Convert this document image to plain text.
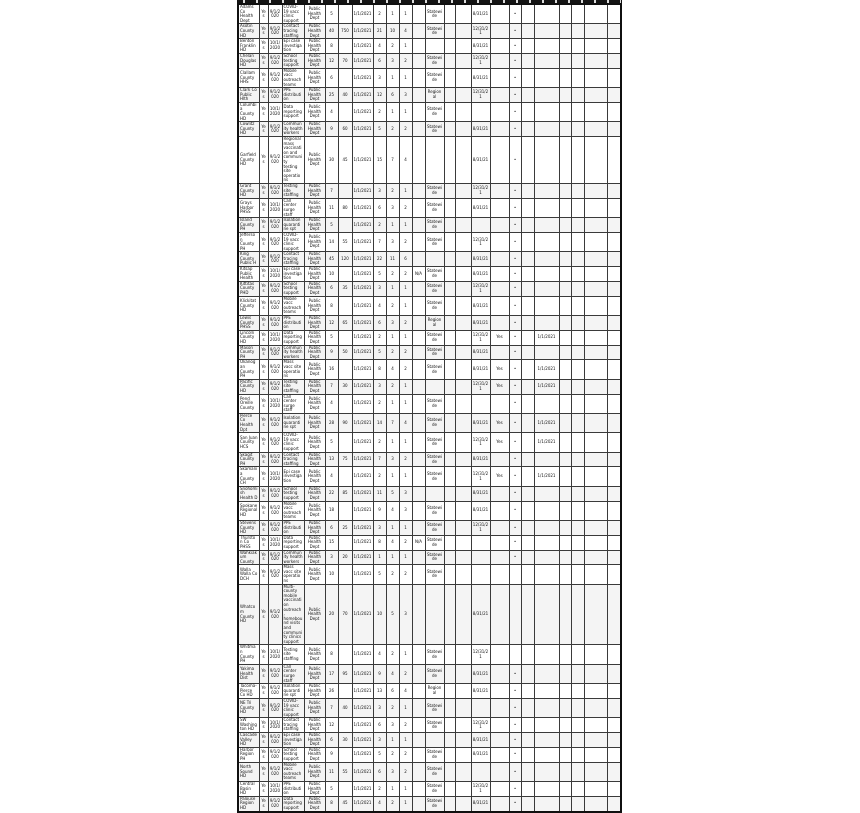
Adams Co Health Dept	Yes	9/1/2020	COVID-19 vacc clinic support	Public Health Dept	5		1/1/2021	2	1	1		Statewide			8/31/21		•						
Asotin County HD	Yes	9/1/2020	Contact tracing staffing	Public Health Dept	40	750	1/1/2021	21	10	4		Statewide			12/31/21		•						
Benton Franklin HD	Yes	10/1/2020	Epi case investigation	Public Health Dept	8		1/1/2021	4	2	1					8/31/21		•						
Chelan Douglas HD	Yes	9/1/2020	School testing support	Public Health Dept	12	70	1/1/2021	6	3	2		Statewide			12/31/21		•						
Clallam County HHS	Yes	9/1/2020	Mobile vacc outreach teams	Public Health Dept	6		1/1/2021	3	1	1		Statewide			8/31/21		•						
Clark Co Public Hlth	Yes	9/1/2020	PPE distribution	Public Health Dept	25	40	1/1/2021	12	6	3		Regional			12/31/21		•						
Columbia County HD	Yes	10/1/2020	Data reporting support	Public Health Dept	4		1/1/2021	2	1	1		Statewide					•						
Cowlitz County HD	Yes	9/1/2020	Community health workers	Public Health Dept	9	60	1/1/2021	5	2	2		Statewide			8/31/21		•						
Garfield County HD	Yes	9/1/2020	Regional mass vaccination and community testing site operations	Public Health Dept	30	45	1/1/2021	15	7	4					8/31/21		•						
Grant County HD	Yes	9/1/2020	Testing site staffing	Public Health Dept	7		1/1/2021	3	2	1		Statewide			12/31/21		•						
Grays Harbor PHSS	Yes	10/1/2020	Call center surge staff	Public Health Dept	11	80	1/1/2021	6	3	2		Statewide			8/31/21		•						
Island County PH	Yes	9/1/2020	Isolation quarantine spt	Public Health Dept	5		1/1/2021	2	1	1		Statewide					•						
Jefferson County PH	Yes	9/1/2020	COVID-19 vacc clinic support	Public Health Dept	14	55	1/1/2021	7	3	2		Statewide			12/31/21		•						
King County Public H	Yes	9/1/2020	Contact tracing staffing	Public Health Dept	45	120	1/1/2021	22	11	6					8/31/21		•						
Kitsap Public Health	Yes	10/1/2020	Epi case investigation	Public Health Dept	10		1/1/2021	5	2	2	N/A	Statewide			8/31/21		•						
Kittitas County PHD	Yes	9/1/2020	School testing support	Public Health Dept	6	35	1/1/2021	3	1	1		Statewide			12/31/21		•						
Klickitat County HD	Yes	9/1/2020	Mobile vacc outreach teams	Public Health Dept	8		1/1/2021	4	2	1		Statewide			8/31/21		•						
Lewis County PHSS	Yes	9/1/2020	PPE distribution	Public Health Dept	12	65	1/1/2021	6	3	2		Regional			8/31/21		•						
Lincoln County HD	Yes	10/1/2020	Data reporting support	Public Health Dept	5		1/1/2021	2	1	1		Statewide			12/31/21	Yes	•		1/1/2021				
Mason County PH	Yes	9/1/2020	Community health workers	Public Health Dept	9	50	1/1/2021	5	2	2		Statewide			8/31/21		•						
Okanogan County PH	Yes	9/1/2020	Mass vacc site operations	Public Health Dept	16		1/1/2021	8	4	2		Statewide			8/31/21	Yes	•		1/1/2021				
Pacific County HD	Yes	9/1/2020	Testing site staffing	Public Health Dept	7	30	1/1/2021	3	2	1					12/31/21	Yes	•		1/1/2021				
Pend Oreille County	Yes	10/1/2020	Call center surge staff	Public Health Dept	4		1/1/2021	2	1	1		Statewide					•						
Pierce Co Health Dpt	Yes	9/1/2020	Isolation quarantine spt	Public Health Dept	28	90	1/1/2021	14	7	4		Statewide			8/31/21	Yes	•		1/1/2021				
San Juan County HCS	Yes	9/1/2020	COVID-19 vacc clinic support	Public Health Dept	5		1/1/2021	2	1	1		Statewide			12/31/21	Yes	•		1/1/2021				
Skagit County PH	Yes	9/1/2020	Contact tracing staffing	Public Health Dept	13	75	1/1/2021	7	3	2		Statewide			8/31/21		•						
Skamania County CH	Yes	10/1/2020	Epi case investigation	Public Health Dept	4		1/1/2021	2	1	1		Statewide			12/31/21	Yes	•		1/1/2021				
Snohomish Health D	Yes	9/1/2020	School testing support	Public Health Dept	22	85	1/1/2021	11	5	3					8/31/21		•						
Spokane Regional HD	Yes	9/1/2020	Mobile vacc outreach teams	Public Health Dept	18		1/1/2021	9	4	3		Statewide			8/31/21		•						
Stevens County HD	Yes	9/1/2020	PPE distribution	Public Health Dept	6	25	1/1/2021	3	1	1		Statewide			12/31/21		•						
Thurston Co PHSS	Yes	10/1/2020	Data reporting support	Public Health Dept	15		1/1/2021	8	4	2	N/A	Statewide					•						
Wahkiakum County	Yes	9/1/2020	Community health workers	Public Health Dept	3	20	1/1/2021	1	1	1		Statewide					•						
Walla Walla Co DCH	Yes	9/1/2020	Mass vacc site operations	Public Health Dept	10		1/1/2021	5	2	2		Statewide											
Whatcom County HD	Yes	9/1/2020	Multi-county mobile vaccination outreach, homebound visits and community clinics support	Public Health Dept	20	70	1/1/2021	10	5	3					8/31/21								
Whitman County PH	Yes	10/1/2020	Testing site staffing	Public Health Dept	8		1/1/2021	4	2	1		Statewide			12/31/21								
Yakima Health Dist	Yes	9/1/2020	Call center surge staff	Public Health Dept	17	95	1/1/2021	9	4	2		Statewide			8/31/21		•						
Tacoma-Pierce Co HD	Yes	9/1/2020	Isolation quarantine spt	Public Health Dept	26		1/1/2021	13	6	4		Regional			8/31/21		•						
NE Tri County HD	Yes	9/1/2020	COVID-19 vacc clinic support	Public Health Dept	7	40	1/1/2021	3	2	1		Statewide					•						
SW Washington HD	Yes	10/1/2020	Contact tracing staffing	Public Health Dept	12		1/1/2021	6	3	2		Statewide			12/31/21		•						
Cascade Valley HD	Yes	9/1/2020	Epi case investigation	Public Health Dept	6	30	1/1/2021	3	1	1					8/31/21		•						
Harbor Region PH	Yes	9/1/2020	School testing support	Public Health Dept	9		1/1/2021	5	2	2		Statewide			8/31/21		•						
North Sound HD	Yes	9/1/2020	Mobile vacc outreach teams	Public Health Dept	11	55	1/1/2021	6	3	2		Statewide					•						
Central Basin HD	Yes	10/1/2020	PPE distribution	Public Health Dept	5		1/1/2021	2	1	1		Statewide			12/31/21		•						
Palouse Region HD	Yes	9/1/2020	Data reporting support	Public Health Dept	8	45	1/1/2021	4	2	1		Statewide			8/31/21		•						
